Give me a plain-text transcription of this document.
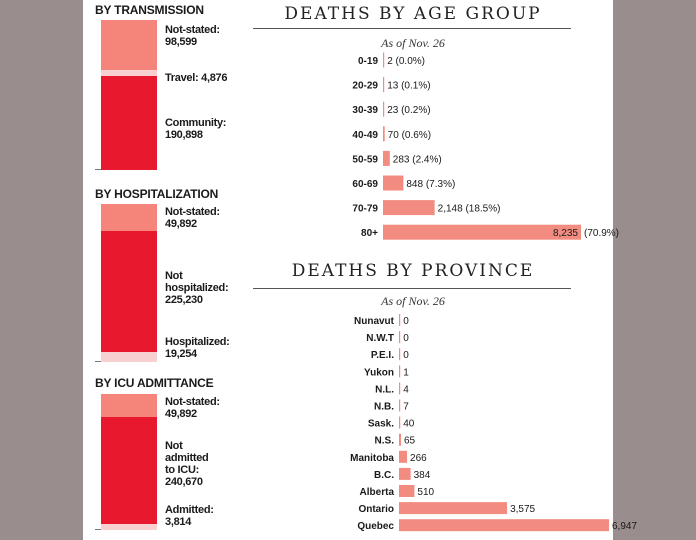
BY TRANSMISSION
BY HOSPITALIZATION
BY ICU ADMITTANCE
DEATHS BY AGE GROUP
As of Nov. 26
0-19 2 (0.0%)
20-29 13 (0.1%)
30-39 23 (0.2%)
40-49 70 (0.6%)
50-59 283 (2.4%)
60-69	848 (7.3%)
70-79	2,148 (18.5%)
80+	8,235 (70.9%)
DEATHS BY PROVINCE
As of Nov. 26
Nunavut 0
N.W.T 0
P.E.I. 0
Yukon 1
N.L. 4
N.B. 7
Sask. 40
N.S. 65
Manitoba 266
B.C. 384
Alberta 510
Ontario	3,575
Quebec	6,947
Not-stated:
98,599
Travel: 4,876
Community:
190,898
Not-stated:
49,892
Not
hospitalized:
225,230
Hospitalized:
19,254
Not-stated:
49,892
Not
admitted
to ICU:
240,670
Admitted:
3,814
